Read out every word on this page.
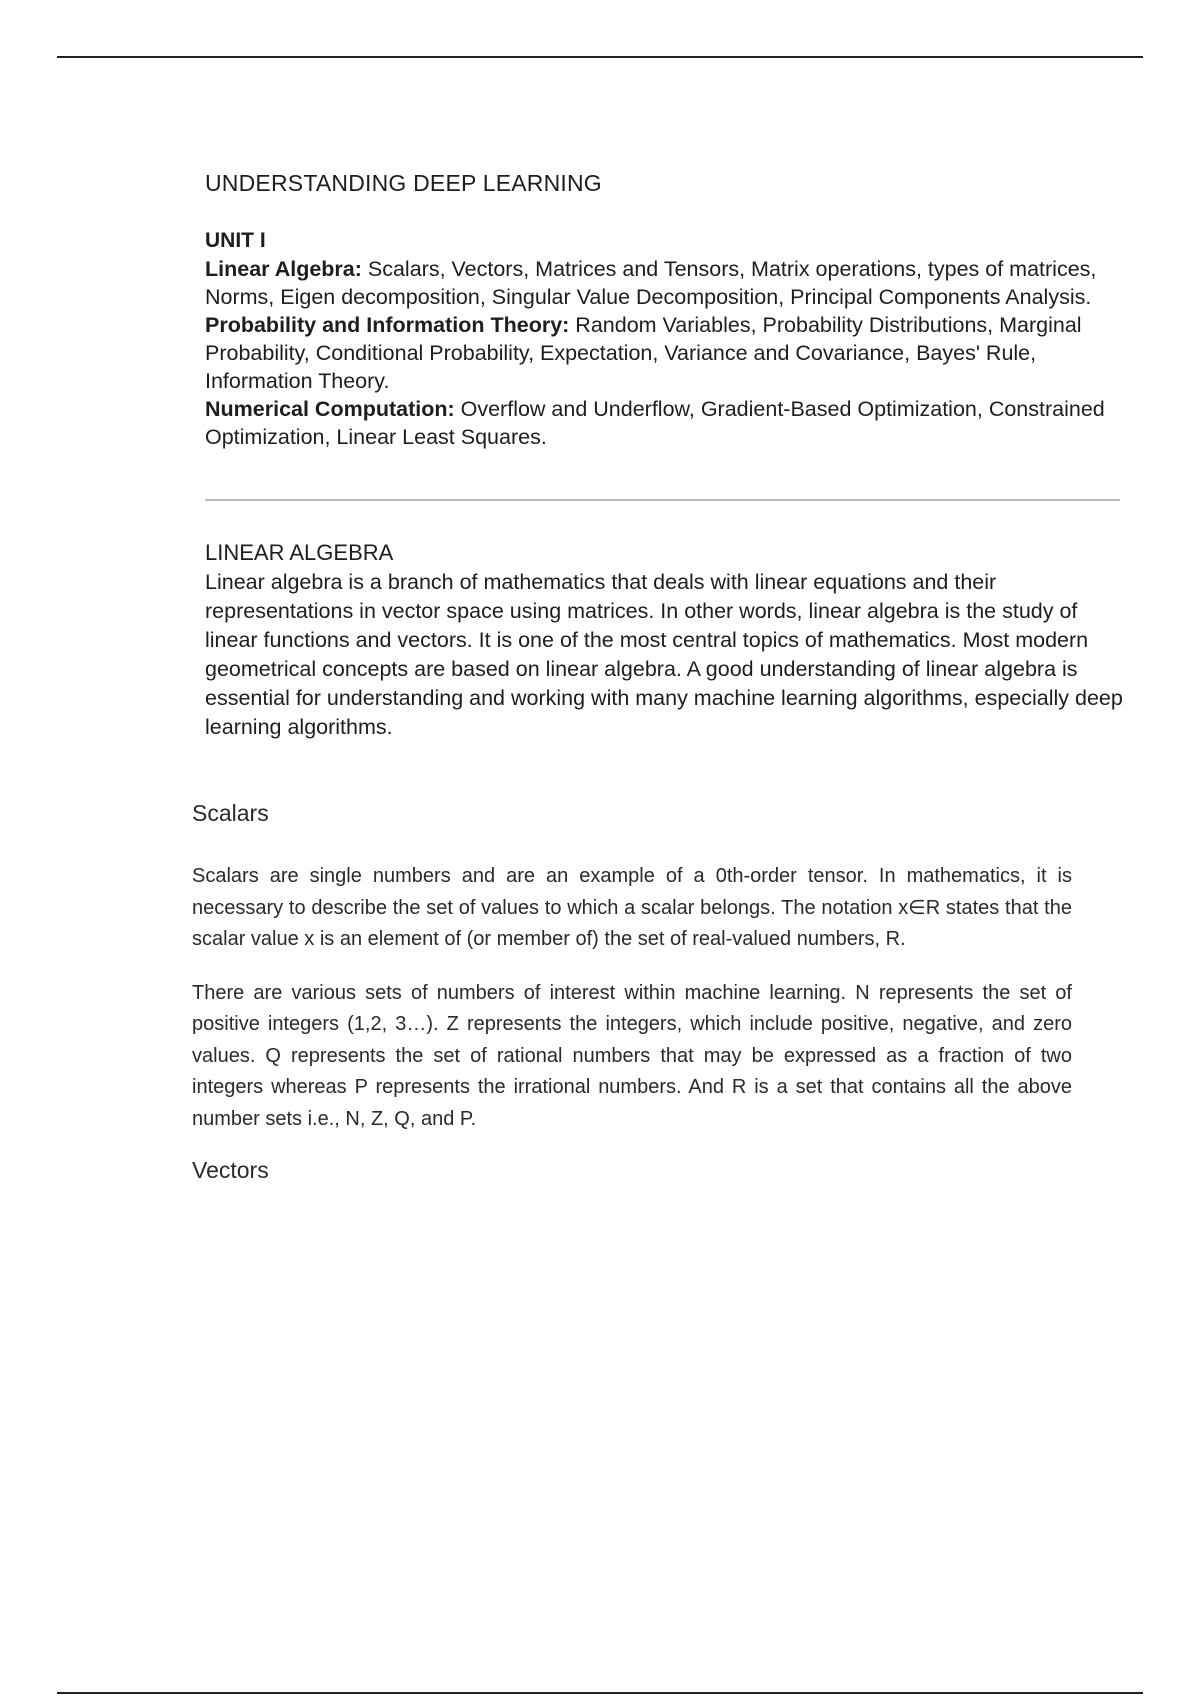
UNDERSTANDING DEEP LEARNING

UNIT I

Linear Algebra: Scalars, Vectors, Matrices and Tensors, Matrix operations, types of matrices, Norms, Eigen decomposition, Singular Value Decomposition, Principal Components Analysis.

Probability and Information Theory: Random Variables, Probability Distributions, Marginal Probability, Conditional Probability, Expectation, Variance and Covariance, Bayes' Rule, Information Theory.

Numerical Computation: Overflow and Underflow, Gradient-Based Optimization, Constrained Optimization, Linear Least Squares.

LINEAR ALGEBRA

Linear algebra is a branch of mathematics that deals with linear equations and their representations in vector space using matrices. In other words, linear algebra is the study of linear functions and vectors. It is one of the most central topics of mathematics. Most modern geometrical concepts are based on linear algebra. A good understanding of linear algebra is essential for understanding and working with many machine learning algorithms, especially deep learning algorithms.

Scalars

Scalars are single numbers and are an example of a 0th-order tensor. In mathematics, it is necessary to describe the set of values to which a scalar belongs. The notation x∈R states that the scalar value x is an element of (or member of) the set of real-valued numbers, R.

There are various sets of numbers of interest within machine learning. N represents the set of positive integers (1,2, 3…). Z represents the integers, which include positive, negative, and zero values. Q represents the set of rational numbers that may be expressed as a fraction of two integers whereas P represents the irrational numbers. And R is a set that contains all the above number sets i.e., N, Z, Q, and P.

Vectors
